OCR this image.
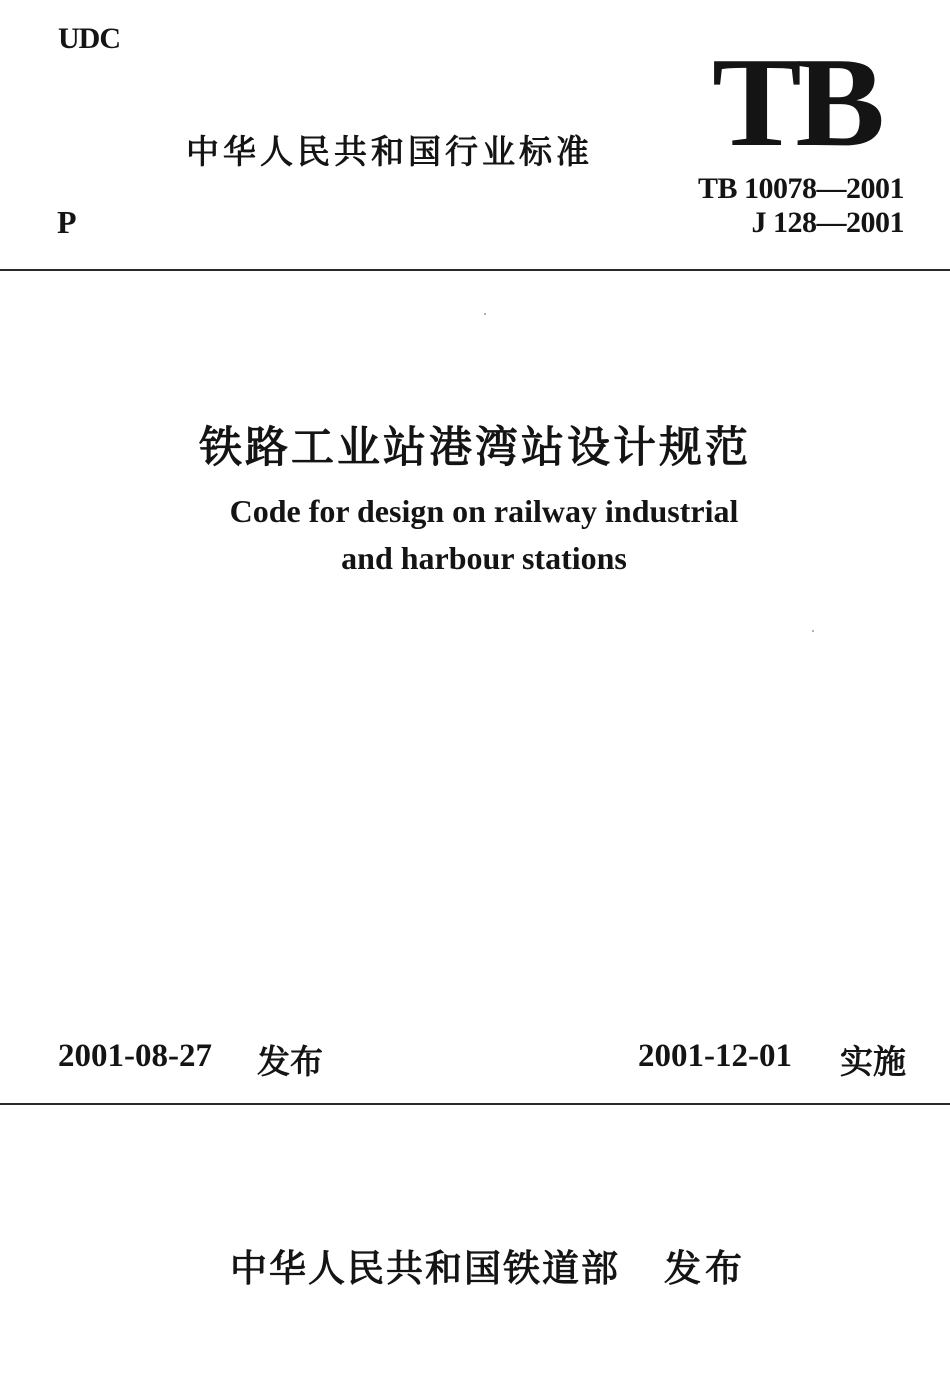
UDC
中华人民共和国行业标准
P
TB
TB 10078—2001
J 128—2001
铁路工业站港湾站设计规范
Code for design on railway industrial
and harbour stations
2001-08-27 发布	2001-12-01 实施
中华人民共和国铁道部 发布
